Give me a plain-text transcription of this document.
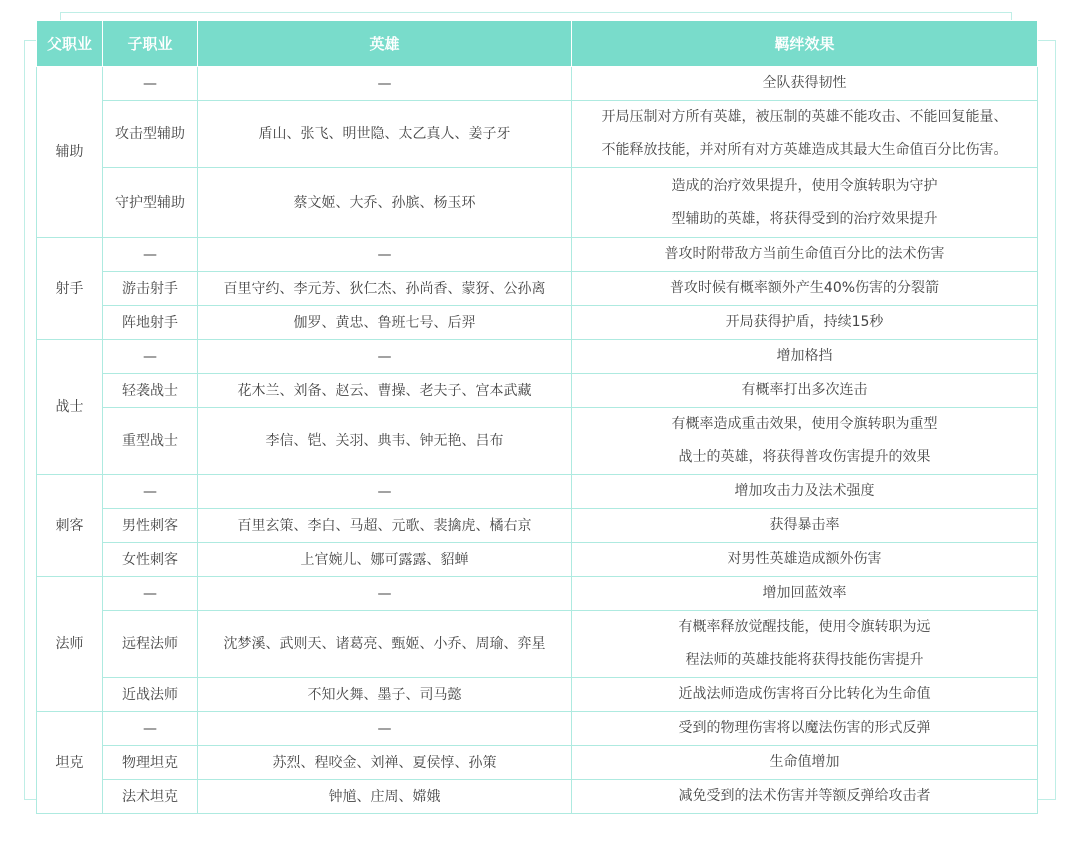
父职业	子职业	英雄	羁绊效果
辅助	—	—	全队获得韧性

	攻击型辅助	盾山、张飞、明世隐、太乙真人、姜子牙	开局压制对方所有英雄，被压制的英雄不能攻击、不能回复能量、
不能释放技能，并对所有对方英雄造成其最大生命值百分比伤害。

	守护型辅助	蔡文姬、大乔、孙膑、杨玉环	造成的治疗效果提升，使用令旗转职为守护
型辅助的英雄，将获得受到的治疗效果提升

射手	—	—	普攻时附带敌方当前生命值百分比的法术伤害

	游击射手	百里守约、李元芳、狄仁杰、孙尚香、蒙犽、公孙离	普攻时候有概率额外产生40%伤害的分裂箭

	阵地射手	伽罗、黄忠、鲁班七号、后羿	开局获得护盾，持续15秒

战士	—	—	增加格挡

	轻袭战士	花木兰、刘备、赵云、曹操、老夫子、宫本武藏	有概率打出多次连击

	重型战士	李信、铠、关羽、典韦、钟无艳、吕布	有概率造成重击效果，使用令旗转职为重型
战士的英雄，将获得普攻伤害提升的效果

刺客	—	—	增加攻击力及法术强度

	男性刺客	百里玄策、李白、马超、元歌、裴擒虎、橘右京	获得暴击率

	女性刺客	上官婉儿、娜可露露、貂蝉	对男性英雄造成额外伤害

法师	—	—	增加回蓝效率

	远程法师	沈梦溪、武则天、诸葛亮、甄姬、小乔、周瑜、弈星	有概率释放觉醒技能，使用令旗转职为远
程法师的英雄技能将获得技能伤害提升

	近战法师	不知火舞、墨子、司马懿	近战法师造成伤害将百分比转化为生命值

坦克	—	—	受到的物理伤害将以魔法伤害的形式反弹

	物理坦克	苏烈、程咬金、刘禅、夏侯惇、孙策	生命值增加

	法术坦克	钟馗、庄周、嫦娥	减免受到的法术伤害并等额反弹给攻击者
